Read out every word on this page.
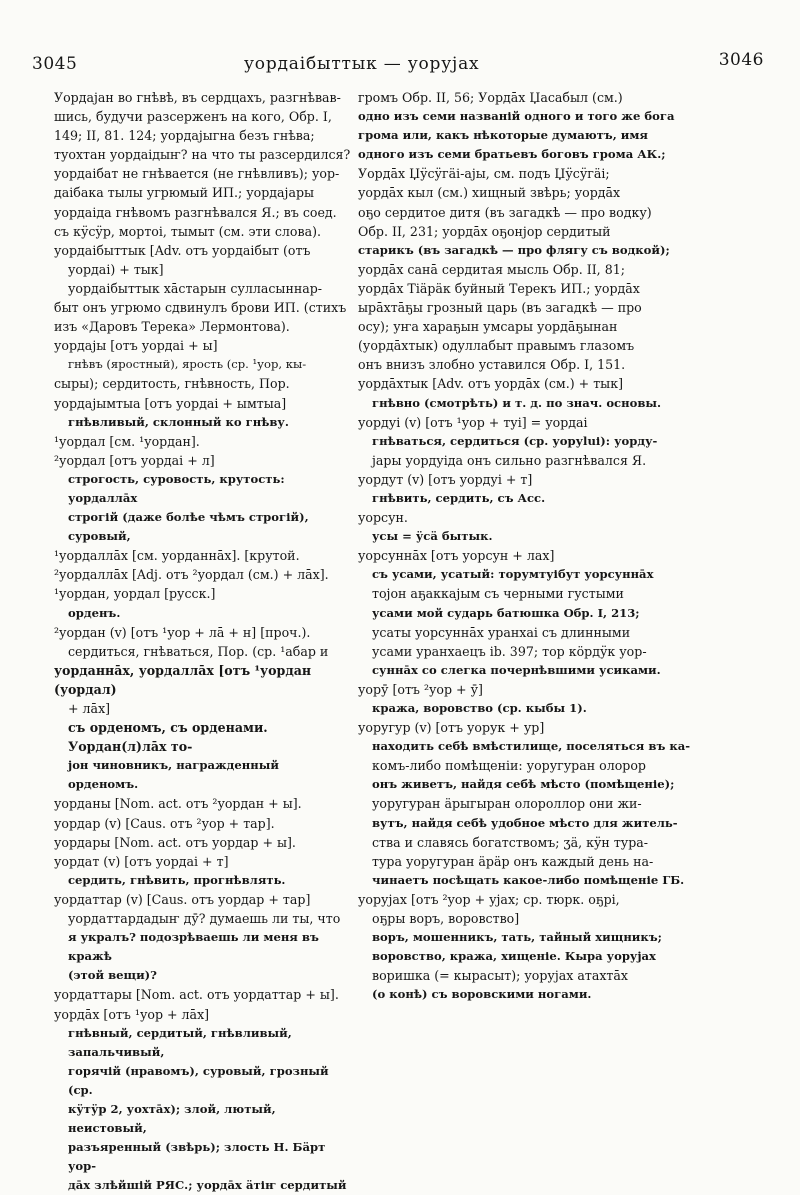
3045	уордаібыттык — уоруjах	3046

Уордаjан во гнѣвѣ, въ сердцахъ, разгнѣвав-

шись, будучи разсерженъ на кого, Обр. I,

149; II, 81. 124; уордаjыгна безъ гнѣва;

туохтан уордаідыҥ? на что ты разсердился?

уордаібат не гнѣвается (не гнѣвливъ); уор-

даібака тылы угрюмый ИП.; уордаjары

уордаіда гнѣвомъ разгнѣвался Я.; въ соед.

съ кӱсӱр, мортоі, тымыт (см. эти слова).

уордаібыттык [Adv. отъ уордаібыт (отъ

уордаі) + тык]

уордаібыттык хāстарын сулласыннар-

быт онъ угрюмо сдвинулъ брови ИП. (стихъ

изъ «Даровъ Терека» Лермонтова).

уордаjы [отъ уордаі + ы]

гнѣвъ (яростный), ярость (ср. ¹уор, кы-

сыры); сердитость, гнѣвность, Пор.

уордаjымтыа [отъ уордаі + ымтыа]

гнѣвливый, склонный ко гнѣву.

¹уордал [см. ¹уордан].

²уордал [отъ уордаі + л]

строгость, суровость, крутость: уордаллāх

строгій (даже болѣе чѣмъ строгій), суровый,

¹уордаллāх [см. уорданнāх]. [крутой.

²уордаллāх [Adj. отъ ²уордал (см.) + лāх].

¹уордан, уордал [русск.]

орденъ.

²уордан (v) [отъ ¹уор + лā + н] [проч.).

сердиться, гнѣваться, Пор. (ср. ¹абар и

уорданнāх, уордаллāх [отъ ¹уордан (уордал)

+ лāх]

съ орденомъ, съ орденами. Уордан(л)лāх то-

jон чиновникъ, награжденный орденомъ.

уорданы [Nom. act. отъ ²уордан + ы].

уордар (v) [Caus. отъ ²уор + тар].

уордары [Nom. act. отъ уордар + ы].

уордат (v) [отъ уордаі + т]

сердить, гнѣвить, прогнѣвлять.

уордаттар (v) [Caus. отъ уордар + тар]

уордаттардадыҥ дӯ? думаешь ли ты, что

я укралъ? подозрѣваешь ли меня въ кражѣ

(этой вещи)?

уордаттары [Nom. act. отъ уордаттар + ы].

уордāх [отъ ¹уор + лāх]

гнѣвный, сердитый, гнѣвливый, запальчивый,

горячій (нравомъ), суровый, грозный (ср.

кӱтӱр 2, уохтāх); злой, лютый, неистовый,

разъяренный (звѣрь); злость Н. Бäрт уор-

дāх злѣйшій РЯС.; уордāх äтіҥ сердитый

громъ Обр. II, 56; Уордāх Џасабыл (см.)

одно изъ семи названій одного и того же бога

грома или, какъ нѣкоторые думаютъ, имя

одного изъ семи братьевъ боговъ грома АК.;

Уордāх Џӱсӱгäі-аjы, см. подъ Џӱсӱгäі;

уордāх кыл (см.) хищный звѣрь; уордāх

оҕо сердитое дитя (въ загадкѣ — про водку)

Обр. II, 231; уордāх оҕонjор сердитый

старикъ (въ загадкѣ — про флягу съ водкой);

уордāх санā сердитая мысль Обр. II, 81;

уордāх Тіäрäк буйный Терекъ ИП.; уордāх

ырāхтāҕы грозный царь (въ загадкѣ — про

осу); уҥа хараҕын умсары уордāҕынан

(уордāхтык) одуллабыт правымъ глазомъ

онъ внизъ злобно уставился Обр. I, 151.

уордāхтык [Adv. отъ уордāх (см.) + тык]

гнѣвно (смотрѣть) и т. д. по знач. основы.

уордуі (v) [отъ ¹уор + туі] = уордаі

гнѣваться, сердиться (ср. уоруluі): уорду-

jары уордуіда онъ сильно разгнѣвался Я.

уордут (v) [отъ уордуі + т]

гнѣвить, сердить, съ Асс.

уорсун.

усы = ӱсӓ бытык.

уорсуннāх [отъ уорсун + лах]

съ усами, усатый: торумтуібут уорсуннāх

тоjон аҕаккаjым съ черными густыми

усами мой сударь батюшка Обр. I, 213;

усаты уорсуннāх уранхаі съ длинными

усами уранхаецъ ib. 397; тор кӧрдӱк уор-

суннāх со слегка почернѣвшими усиками.

уорӯ [отъ ²уор + ӯ]

кража, воровство (ср. кыбы 1).

уоругур (v) [отъ уорук + ур]

находить себѣ вмѣстилище, поселяться въ ка-

комъ-либо помѣщеніи: уоругуран олорор

онъ живетъ, найдя себѣ мѣсто (помѣщеніе);

уоругуран äрыгыран олороллор они жи-

вутъ, найдя себѣ удобное мѣсто для житель-

ства и славясь богатствомъ; ӡä, кӱн тура-

тура уоругуран äрäр онъ каждый день на-

чинаетъ посѣщать какое-либо помѣщеніе ГБ.

уоруjах [отъ ²уор + уjах; ср. тюрк. оҕрі,

оҕры воръ, воровство]

воръ, мошенникъ, тать, тайный хищникъ;

воровство, кража, хищеніе. Кыра уоруjах

воришка (= кырасыт); уоруjах атахтāх

(о конѣ) съ воровскими ногами.
